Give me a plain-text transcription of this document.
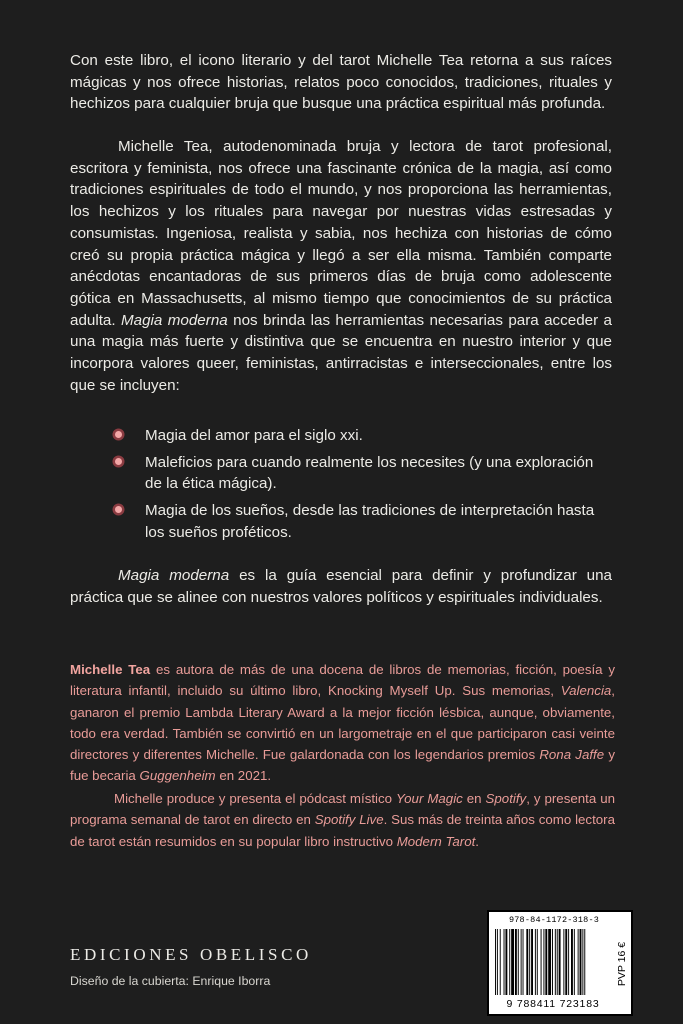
Con este libro, el icono literario y del tarot Michelle Tea retorna a sus raíces mágicas y nos ofrece historias, relatos poco conocidos, tradiciones, rituales y hechizos para cualquier bruja que busque una práctica espiritual más profunda.

Michelle Tea, autodenominada bruja y lectora de tarot profesional, escritora y feminista, nos ofrece una fascinante crónica de la magia, así como tradiciones espirituales de todo el mundo, y nos proporciona las herramientas, los hechizos y los rituales para navegar por nuestras vidas estresadas y consumistas. Ingeniosa, realista y sabia, nos hechiza con historias de cómo creó su propia práctica mágica y llegó a ser ella misma. También comparte anécdotas encantadoras de sus primeros días de bruja como adolescente gótica en Massachusetts, al mismo tiempo que conocimientos de su práctica adulta. Magia moderna nos brinda las herramientas necesarias para acceder a una magia más fuerte y distintiva que se encuentra en nuestro interior y que incorpora valores queer, feministas, antirracistas e interseccionales, entre los que se incluyen:

Magia del amor para el siglo xxi.
Maleficios para cuando realmente los necesites (y una exploración de la ética mágica).
Magia de los sueños, desde las tradiciones de interpretación hasta los sueños proféticos.

Magia moderna es la guía esencial para definir y profundizar una práctica que se alinee con nuestros valores políticos y espirituales individuales.

Michelle Tea es autora de más de una docena de libros de memorias, ficción, poesía y literatura infantil, incluido su último libro, Knocking Myself Up. Sus memorias, Valencia, ganaron el premio Lambda Literary Award a la mejor ficción lésbica, aunque, obviamente, todo era verdad. También se convirtió en un largometraje en el que participaron casi veinte directores y diferentes Michelle. Fue galardonada con los legendarios premios Rona Jaffe y fue becaria Guggenheim en 2021.

Michelle produce y presenta el pódcast místico Your Magic en Spotify, y presenta un programa semanal de tarot en directo en Spotify Live. Sus más de treinta años como lectora de tarot están resumidos en su popular libro instructivo Modern Tarot.

EDICIONES OBELISCO
Diseño de la cubierta: Enrique Iborra
978-84-1172-318-3
9 788411 723183
PVP 16 €
